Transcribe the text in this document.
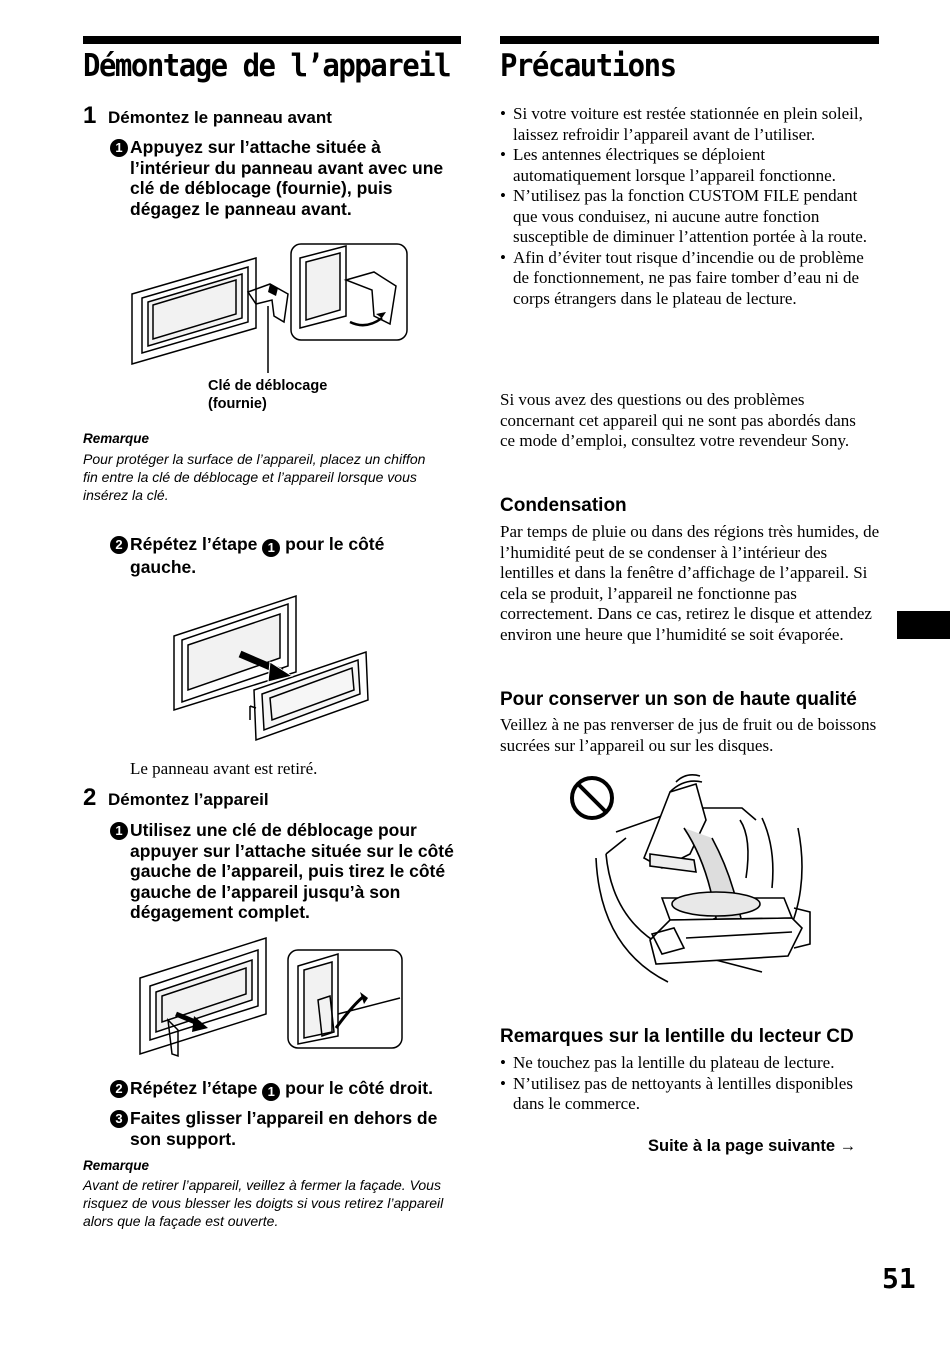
Démontage de l’appareil
1 Démontez le panneau avant
1 Appuyez sur l’attache située à l’intérieur du panneau avant avec une clé de déblocage (fournie), puis dégagez le panneau avant.
Clé de déblocage
(fournie)
Remarque
Pour protéger la surface de l’appareil, placez un chiffon fin entre la clé de déblocage et l’appareil lorsque vous insérez la clé.
2 Répétez l’étape 1 pour le côté gauche.
Le panneau avant est retiré.
2 Démontez l’appareil
1 Utilisez une clé de déblocage pour appuyer sur l’attache située sur le côté gauche de l’appareil, puis tirez le côté gauche de l’appareil jusqu’à son dégagement complet.
2 Répétez l’étape 1 pour le côté droit.
3 Faites glisser l’appareil en dehors de son support.
Remarque
Avant de retirer l’appareil, veillez à fermer la façade. Vous risquez de vous blesser les doigts si vous retirez l’appareil alors que la façade est ouverte.
Précautions
• Si votre voiture est restée stationnée en plein soleil, laissez refroidir l’appareil avant de l’utiliser.
• Les antennes électriques se déploient automatiquement lorsque l’appareil fonctionne.
• N’utilisez pas la fonction CUSTOM FILE pendant que vous conduisez, ni aucune autre fonction susceptible de diminuer l’attention portée à la route.
• Afin d’éviter tout risque d’incendie ou de problème de fonctionnement, ne pas faire tomber d’eau ni de corps étrangers dans le plateau de lecture.
Si vous avez des questions ou des problèmes concernant cet appareil qui ne sont pas abordés dans ce mode d’emploi, consultez votre revendeur Sony.
Condensation
Par temps de pluie ou dans des régions très humides, de l’humidité peut de se condenser à l’intérieur des lentilles et dans la fenêtre d’affichage de l’appareil. Si cela se produit, l’appareil ne fonctionne pas correctement. Dans ce cas, retirez le disque et attendez environ une heure que l’humidité se soit évaporée.
Pour conserver un son de haute qualité
Veillez à ne pas renverser de jus de fruit ou de boissons sucrées sur l’appareil ou sur les disques.
Remarques sur la lentille du lecteur CD
• Ne touchez pas la lentille du plateau de lecture.
• N’utilisez pas de nettoyants à lentilles disponibles dans le commerce.
Suite à la page suivante →
51
